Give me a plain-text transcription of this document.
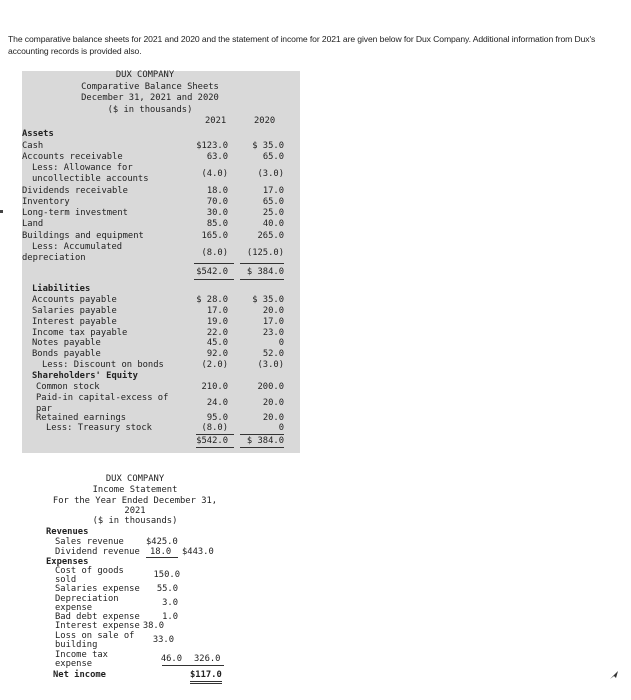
The comparative balance sheets for 2021 and 2020 and the statement of income for 2021 are given below for Dux Company. Additional information from Dux's accounting records is provided also.
DUX COMPANY
Comparative Balance Sheets
December 31, 2021 and 2020
($ in thousands)
2021	2020
Assets
Cash	$123.0	$ 35.0
Accounts receivable	63.0	65.0
Less: Allowance for
uncollectible accounts	(4.0)	(3.0)
Dividends receivable	18.0	17.0
Inventory	70.0	65.0
Long-term investment	30.0	25.0
Land	85.0	40.0
Buildings and equipment	165.0	265.0
Less: Accumulated
depreciation	(8.0)	(125.0)
$542.0	$ 384.0
Liabilities
Accounts payable	$ 28.0	$ 35.0
Salaries payable	17.0	20.0
Interest payable	19.0	17.0
Income tax payable	22.0	23.0
Notes payable	45.0	0
Bonds payable	92.0	52.0
Less: Discount on bonds	(2.0)	(3.0)
Shareholders' Equity
Common stock	210.0	200.0
Paid-in capital-excess of
par
24.0	20.0
Retained earnings	95.0	20.0
Less: Treasury stock	(8.0)	0
$542.0	$ 384.0
DUX COMPANY
Income Statement
For the Year Ended December 31,
2021
($ in thousands)
Revenues
Sales revenue	$425.0
Dividend revenue 18.0 $443.0
Expenses
Cost of goods
sold	150.0
Salaries expense	55.0
Depreciation
expense	3.0
Bad debt expense	1.0
Interest expense 38.0
Loss on sale of
building	33.0
Income tax
expense	46.0 326.0
Net income	$117.0
